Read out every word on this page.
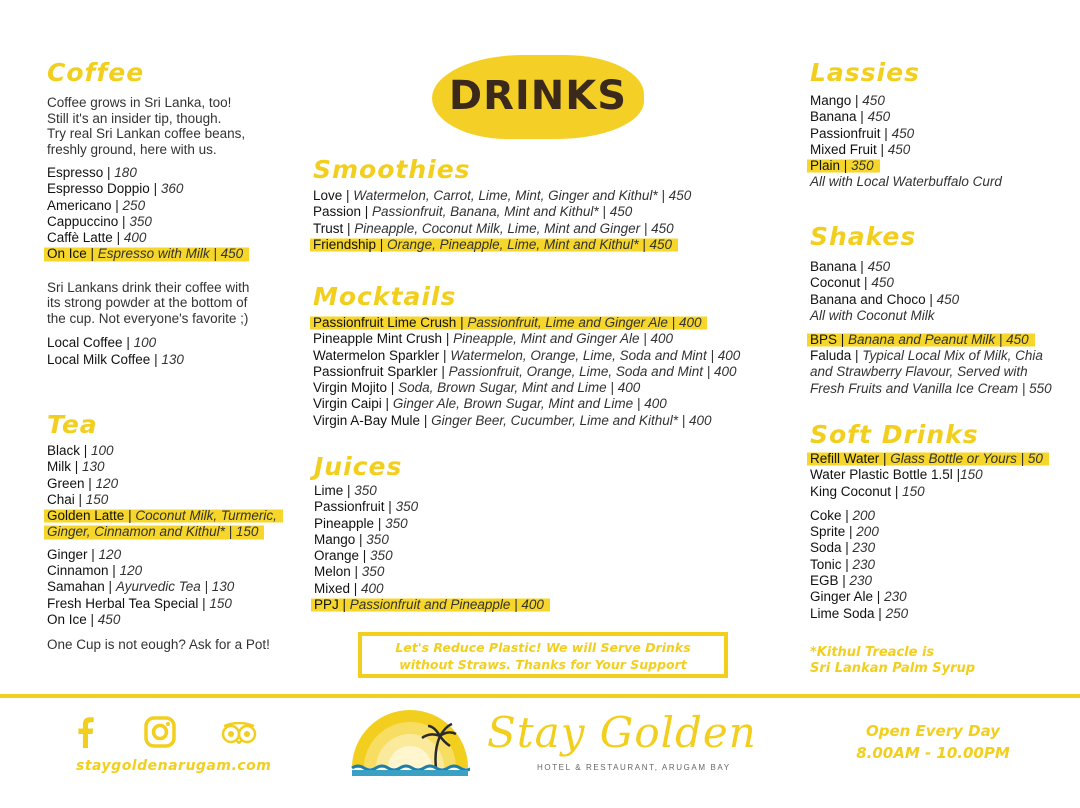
Coffee

Coffee grows in Sri Lanka, too!

Still it's an insider tip, though.

Try real Sri Lankan coffee beans,

freshly ground, here with us.

Espresso | 180
Espresso Doppio | 360
Americano | 250
Cappuccino | 350
Caffè Latte | 400
On Ice | Espresso with Milk | 450

Sri Lankans drink their coffee with

its strong powder at the bottom of

the cup. Not everyone's favorite ;)

Local Coffee | 100
Local Milk Coffee | 130
Tea
Black | 100
Milk | 130
Green | 120
Chai | 150
Golden Latte | Coconut Milk, Turmeric,
Ginger, Cinnamon and Kithul* | 150
Ginger | 120
Cinnamon | 120
Samahan | Ayurvedic Tea | 130
Fresh Herbal Tea Special | 150
On Ice | 450

One Cup is not eough? Ask for a Pot!

DRINKS
Smoothies
Love | Watermelon, Carrot, Lime, Mint, Ginger and Kithul* | 450
Passion | Passionfruit, Banana, Mint and Kithul* | 450
Trust | Pineapple, Coconut Milk, Lime, Mint and Ginger | 450
Friendship | Orange, Pineapple, Lime, Mint and Kithul* | 450
Mocktails
Passionfruit Lime Crush | Passionfruit, Lime and Ginger Ale | 400
Pineapple Mint Crush | Pineapple, Mint and Ginger Ale | 400
Watermelon Sparkler | Watermelon, Orange, Lime, Soda and Mint | 400
Passionfruit Sparkler | Passionfruit, Orange, Lime, Soda and Mint | 400
Virgin Mojito | Soda, Brown Sugar, Mint and Lime | 400
Virgin Caipi | Ginger Ale, Brown Sugar, Mint and Lime | 400
Virgin A-Bay Mule | Ginger Beer, Cucumber, Lime and Kithul* | 400
Juices
Lime | 350
Passionfruit | 350
Pineapple | 350
Mango | 350
Orange | 350
Melon | 350
Mixed | 400
PPJ | Passionfruit and Pineapple | 400
Let's Reduce Plastic! We will Serve Drinks
without Straws. Thanks for Your Support
Lassies
Mango | 450
Banana | 450
Passionfruit | 450
Mixed Fruit | 450
Plain | 350

All with Local Waterbuffalo Curd

Shakes
Banana | 450
Coconut | 450
Banana and Choco | 450

All with Coconut Milk

BPS | Banana and Peanut Milk | 450
Faluda | Typical Local Mix of Milk, Chia
and Strawberry Flavour, Served with
Fresh Fruits and Vanilla Ice Cream | 550
Soft Drinks
Refill Water | Glass Bottle or Yours | 50
Water Plastic Bottle 1.5l |150
King Coconut | 150
Coke | 200
Sprite | 200
Soda | 230
Tonic | 230
EGB | 230
Ginger Ale | 230
Lime Soda | 250
*Kithul Treacle is
Sri Lankan Palm Syrup
staygoldenarugam.com
Stay Golden
HOTEL & RESTAURANT, ARUGAM BAY
Open Every Day
8.00AM - 10.00PM
